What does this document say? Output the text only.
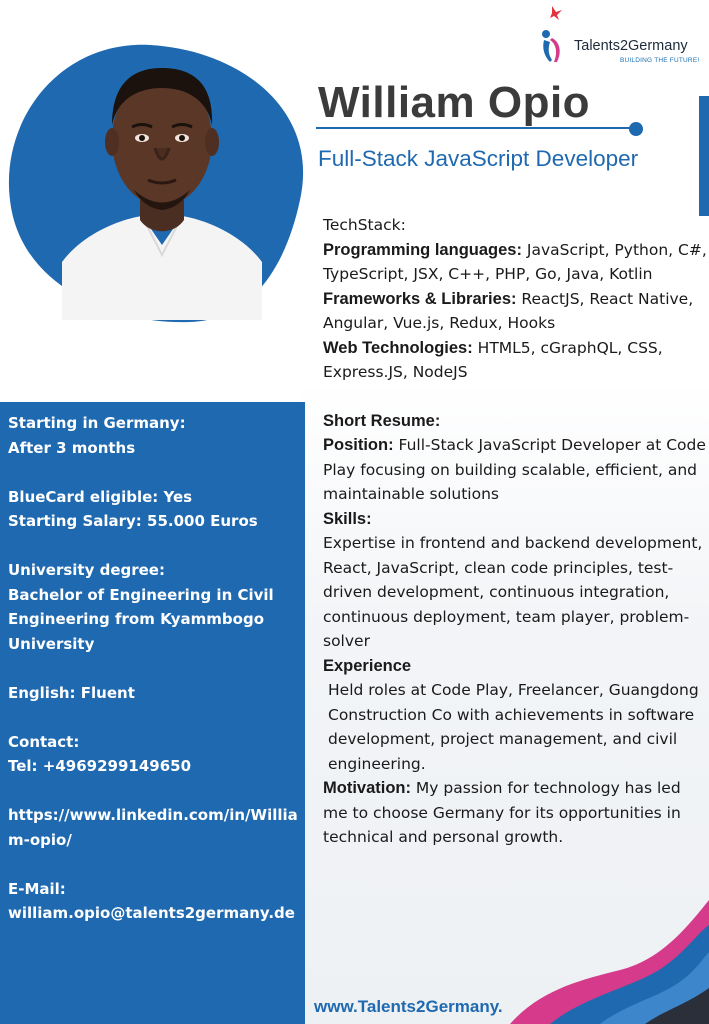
Talents2Germany
BUILDING THE FUTURE!
William Opio
Full-Stack JavaScript Developer

TechStack:

Programming languages: JavaScript, Python, C#, TypeScript, JSX, C++, PHP, Go, Java, Kotlin

Frameworks & Libraries: ReactJS, React Native, Angular, Vue.js, Redux, Hooks

Web Technologies: HTML5, cGraphQL, CSS, Express.JS, NodeJS

Short Resume:

Position: Full-Stack JavaScript Developer at Code Play focusing on building scalable, efficient, and maintainable solutions

Skills:

Expertise in frontend and backend development, React, JavaScript, clean code principles, test-driven development, continuous integration, continuous deployment, team player, problem-solver

Experience

Held roles at Code Play, Freelancer, Guangdong Construction Co with achievements in software development, project management, and civil engineering.

Motivation: My passion for technology has led me to choose Germany for its opportunities in technical and personal growth.

Starting in Germany:

After 3 months

BlueCard eligible: Yes

Starting Salary: 55.000 Euros

University degree:

Bachelor of Engineering in Civil Engineering from Kyammbogo University

English: Fluent

Contact:

Tel: +4969299149650

https://www.linkedin.com/in/William-opio/

E-Mail:

william.opio@talents2germany.de

www.Talents2Germany.
